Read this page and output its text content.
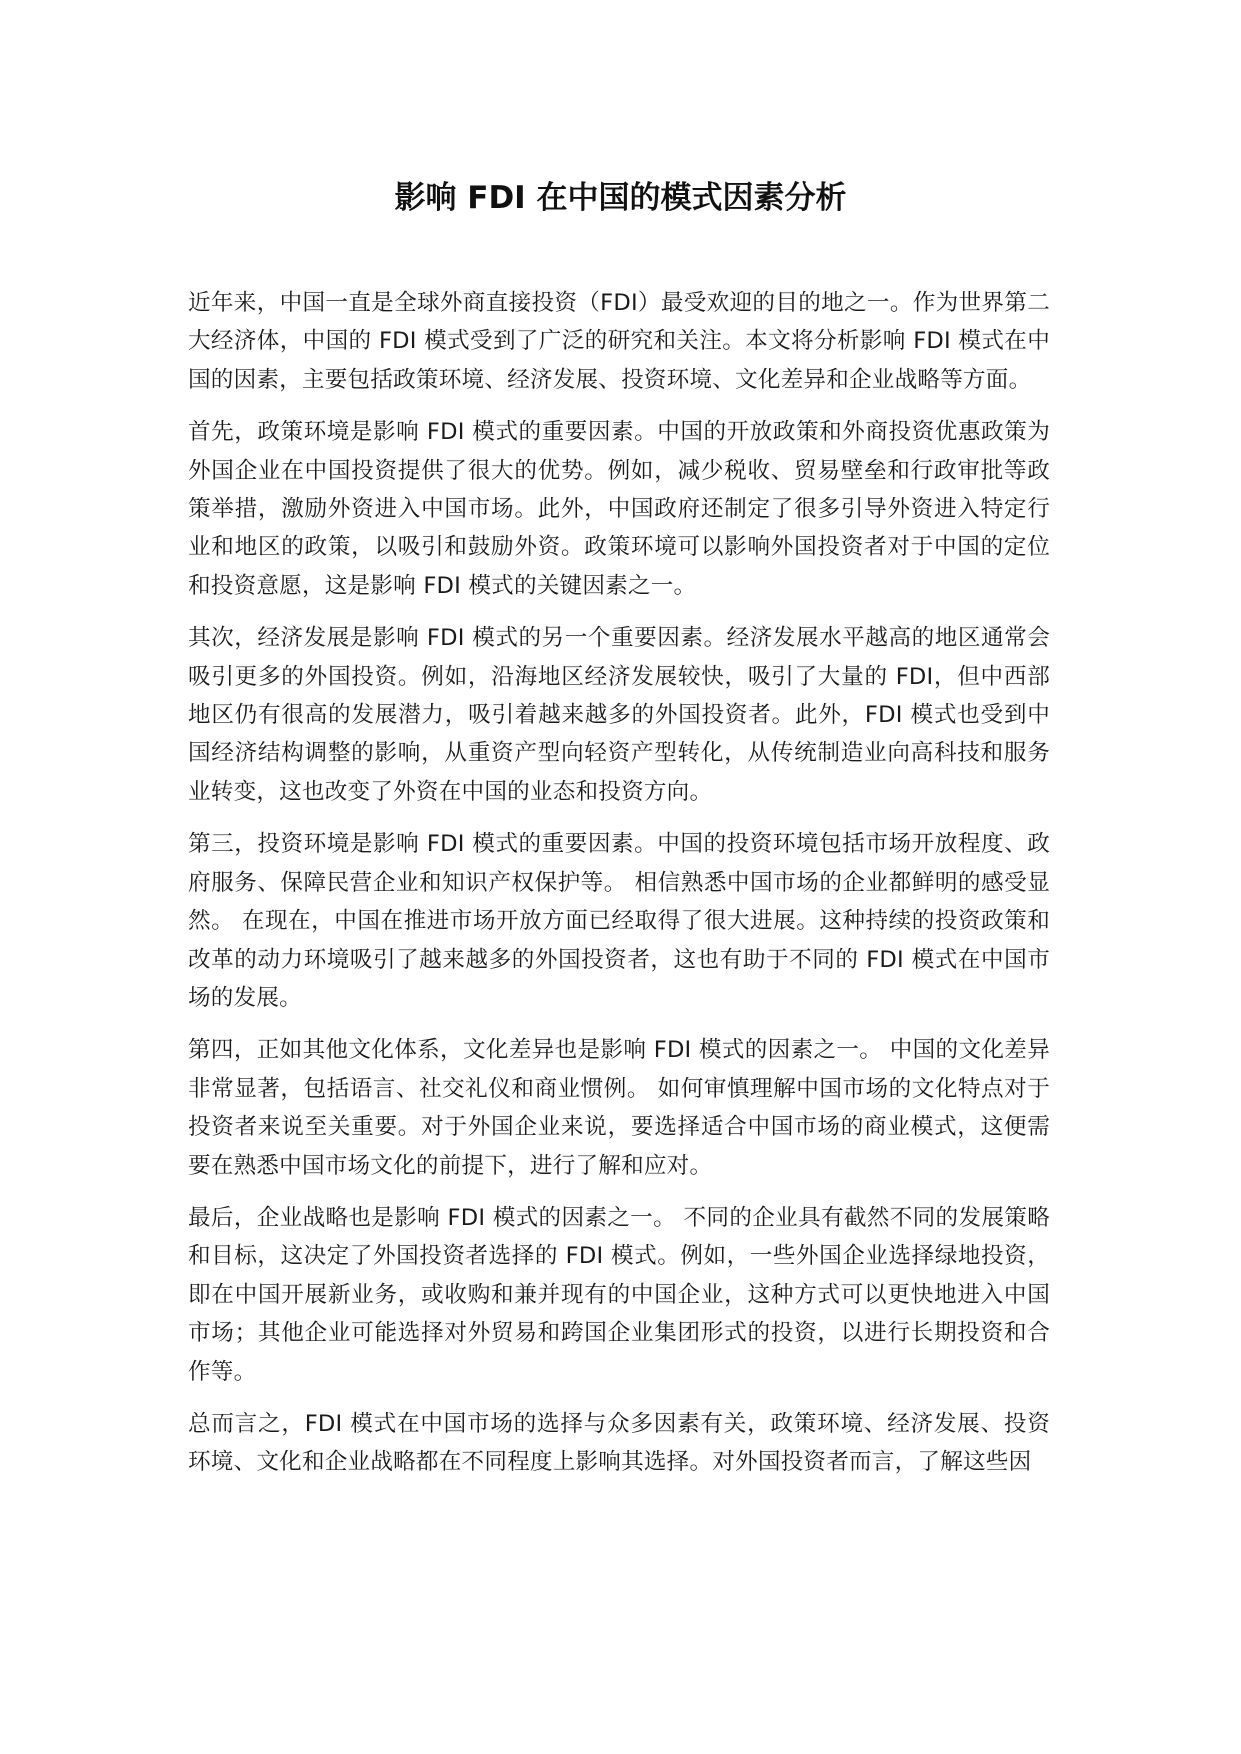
影响 FDI 在中国的模式因素分析

近年来，中国一直是全球外商直接投资（FDI）最受欢迎的目的地之一。作为世界第二大经济体，中国的 FDI 模式受到了广泛的研究和关注。本文将分析影响 FDI 模式在中国的因素，主要包括政策环境、经济发展、投资环境、文化差异和企业战略等方面。

首先，政策环境是影响 FDI 模式的重要因素。中国的开放政策和外商投资优惠政策为外国企业在中国投资提供了很大的优势。例如，减少税收、贸易壁垒和行政审批等政策举措，激励外资进入中国市场。此外，中国政府还制定了很多引导外资进入特定行业和地区的政策，以吸引和鼓励外资。政策环境可以影响外国投资者对于中国的定位和投资意愿，这是影响 FDI 模式的关键因素之一。

其次，经济发展是影响 FDI 模式的另一个重要因素。经济发展水平越高的地区通常会吸引更多的外国投资。例如，沿海地区经济发展较快，吸引了大量的 FDI，但中西部地区仍有很高的发展潜力，吸引着越来越多的外国投资者。此外，FDI 模式也受到中国经济结构调整的影响，从重资产型向轻资产型转化，从传统制造业向高科技和服务业转变，这也改变了外资在中国的业态和投资方向。

第三，投资环境是影响 FDI 模式的重要因素。中国的投资环境包括市场开放程度、政府服务、保障民营企业和知识产权保护等。 相信熟悉中国市场的企业都鲜明的感受显然。 在现在，中国在推进市场开放方面已经取得了很大进展。这种持续的投资政策和改革的动力环境吸引了越来越多的外国投资者，这也有助于不同的 FDI 模式在中国市场的发展。

第四，正如其他文化体系，文化差异也是影响 FDI 模式的因素之一。 中国的文化差异非常显著，包括语言、社交礼仪和商业惯例。 如何审慎理解中国市场的文化特点对于投资者来说至关重要。对于外国企业来说，要选择适合中国市场的商业模式，这便需要在熟悉中国市场文化的前提下，进行了解和应对。

最后，企业战略也是影响 FDI 模式的因素之一。 不同的企业具有截然不同的发展策略和目标，这决定了外国投资者选择的 FDI 模式。例如，一些外国企业选择绿地投资，即在中国开展新业务，或收购和兼并现有的中国企业，这种方式可以更快地进入中国市场；其他企业可能选择对外贸易和跨国企业集团形式的投资，以进行长期投资和合作等。

总而言之，FDI 模式在中国市场的选择与众多因素有关，政策环境、经济发展、投资环境、文化和企业战略都在不同程度上影响其选择。对外国投资者而言，了解这些因
